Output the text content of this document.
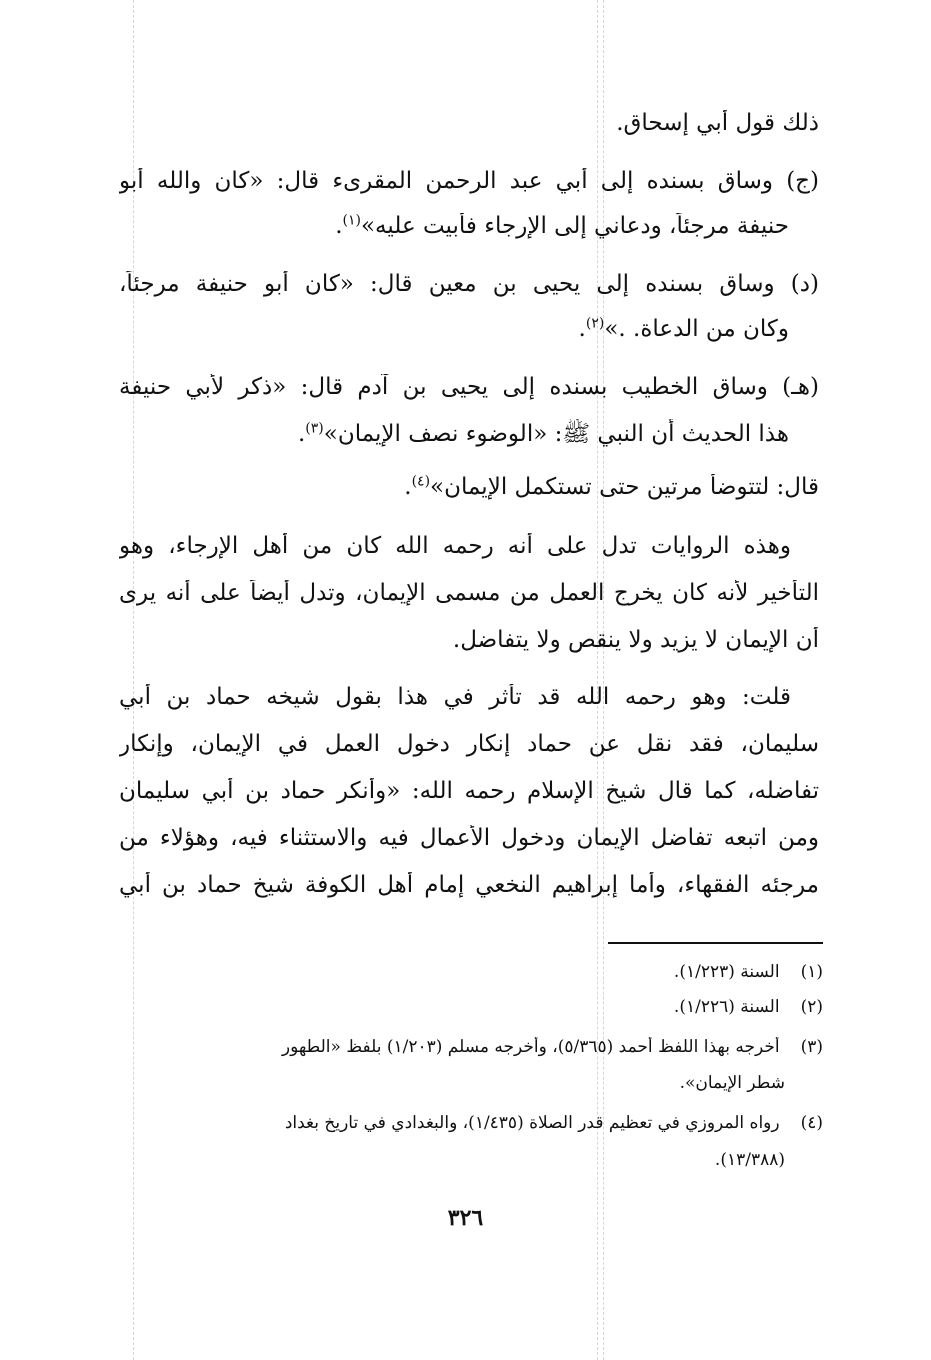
ذلك قول أبي إسحاق.
(ج) وساق بسنده إلى أبي عبد الرحمن المقرىء قال: «كان والله أبو
حنيفة مرجئاً، ودعاني إلى الإرجاء فأبيت عليه»$^{(١)}$.
(د) وساق بسنده إلى يحيى بن معين قال: «كان أبو حنيفة مرجئاً،
وكان من الدعاة. .»$^{(٢)}$.
(هـ) وساق الخطيب بسنده إلى يحيى بن آدم قال: «ذكر لأبي حنيفة
هذا الحديث أن النبي ﷺ: «الوضوء نصف الإيمان»$^{(٣)}$.
قال: لتتوضأ مرتين حتى تستكمل الإيمان»$^{(٤)}$.
وهذه الروايات تدل على أنه رحمه الله كان من أهل الإرجاء، وهو
التأخير لأنه كان يخرج العمل من مسمى الإيمان، وتدل أيضاً على أنه يرى
أن الإيمان لا يزيد ولا ينقص ولا يتفاضل.
قلت: وهو رحمه الله قد تأثر في هذا بقول شيخه حماد بن أبي
سليمان، فقد نقل عن حماد إنكار دخول العمل في الإيمان، وإنكار
تفاضله، كما قال شيخ الإسلام رحمه الله: «وأنكر حماد بن أبي سليمان
ومن اتبعه تفاضل الإيمان ودخول الأعمال فيه والاستثناء فيه، وهؤلاء من
مرجئه الفقهاء، وأما إبراهيم النخعي إمام أهل الكوفة شيخ حماد بن أبي
(١) السنة (١/٢٢٣).
(٢) السنة (١/٢٢٦).
(٣) أخرجه بهذا اللفظ أحمد (٥/٣٦٥)، وأخرجه مسلم (١/٢٠٣) بلفظ «الطهور
شطر الإيمان».
(٤) رواه المروزي في تعظيم قدر الصلاة (١/٤٣٥)، والبغدادي في تاريخ بغداد
(١٣/٣٨٨).
٣٢٦
